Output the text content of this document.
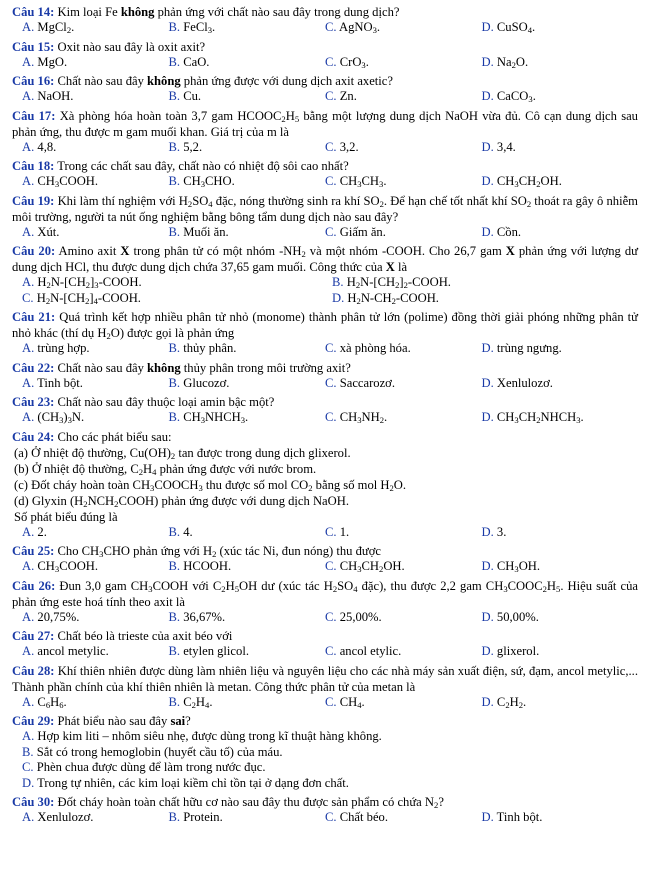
Câu 14: Kim loại Fe không phản ứng với chất nào sau đây trong dung dịch?
A. MgCl$_2$.	B. FeCl$_3$.	C. AgNO$_3$.	D. CuSO$_4$.
Câu 15: Oxit nào sau đây là oxit axit?
A. MgO.	B. CaO.	C. CrO$_3$.	D. $Na_2O$.
Câu 16: Chất nào sau đây không phản ứng được với dung dịch axit axetic?
A. NaOH.	B. Cu.	C. Zn.	D. CaCO$_3$.
Câu 17: Xà phòng hóa hoàn toàn 3,7 gam $HCOOC_2H_5$ bằng một lượng dung dịch NaOH vừa đủ. Cô cạn dung dịch sau phản ứng, thu được m gam muối khan. Giá trị của m là
A. 4,8.	B. 5,2.	C. 3,2.	D. 3,4.
Câu 18: Trong các chất sau đây, chất nào có nhiệt độ sôi cao nhất?
A. $CH_3COOH$.	B. $CH_3CHO$.	C. $CH_3CH_3$.	D. $CH_3CH_2OH$.
Câu 19: Khi làm thí nghiệm với $H_2SO_4$ đặc, nóng thường sinh ra khí $SO_2$. Để hạn chế tốt nhất khí $SO_2$ thoát ra gây ô nhiễm môi trường, người ta nút ống nghiệm bằng bông tẩm dung dịch nào sau đây?
A. Xút.	B. Muối ăn.	C. Giấm ăn.	D. Cồn.
Câu 20: Amino axit X trong phân tử có một nhóm $-NH_2$ và một nhóm -COOH. Cho 26,7 gam X phản ứng với lượng dư dung dịch HCl, thu được dung dịch chứa 37,65 gam muối. Công thức của X là
A. $H_2N-[CH_2]_3$-COOH.	B. $H_2N-[CH_2]_2$-COOH.
C. $H_2N-[CH_2]_4$-COOH.	D. $H_2N-CH_2$-COOH.
Câu 21: Quá trình kết hợp nhiều phân tử nhỏ (monome) thành phân tử lớn (polime) đồng thời giải phóng những phân tử nhỏ khác (thí dụ $H_2O$) được gọi là phản ứng
A. trùng hợp.	B. thủy phân.	C. xà phòng hóa.	D. trùng ngưng.
Câu 22: Chất nào sau đây không thủy phân trong môi trường axit?
A. Tinh bột.	B. Glucozơ.	C. Saccarozơ.	D. Xenlulozơ.
Câu 23: Chất nào sau đây thuộc loại amin bậc một?
A. $(CH_3)_3N$.	B. $CH_3NHCH_3$.	C. $CH_3NH_2$.	D. $CH_3CH_2NHCH_3$.
Câu 24: Cho các phát biểu sau:
(a) Ở nhiệt độ thường, $Cu(OH)_2$ tan được trong dung dịch glixerol.
(b) Ở nhiệt độ thường, $C_2H_4$ phản ứng được với nước brom.
(c) Đốt cháy hoàn toàn $CH_3COOCH_3$ thu được số mol $CO_2$ bằng số mol $H_2O$.
(d) Glyxin $(H_2NCH_2COOH)$ phản ứng được với dung dịch NaOH.
Số phát biểu đúng là
A. 2.	B. 4.	C. 1.	D. 3.
Câu 25: Cho $CH_3CHO$ phản ứng với $H_2$ (xúc tác Ni, đun nóng) thu được
A. $CH_3COOH$.	B. HCOOH.	C. $CH_3CH_2OH$.	D. $CH_3OH$.
Câu 26: Đun 3,0 gam $CH_3COOH$ với $C_2H_5OH$ dư (xúc tác $H_2SO_4$ đặc), thu được 2,2 gam $CH_3COOC_2H_5$. Hiệu suất của phản ứng este hoá tính theo axit là
A. 20,75%.	B. 36,67%.	C. 25,00%.	D. 50,00%.
Câu 27: Chất béo là trieste của axit béo với
A. ancol metylic.	B. etylen glicol.	C. ancol etylic.	D. glixerol.
Câu 28: Khí thiên nhiên được dùng làm nhiên liệu và nguyên liệu cho các nhà máy sản xuất điện, sứ, đạm, ancol metylic,... Thành phần chính của khí thiên nhiên là metan. Công thức phân tử của metan là
A. $C_6H_6$.	B. $C_2H_4$.	C. $CH_4$.	D. $C_2H_2$.
Câu 29: Phát biểu nào sau đây sai?
A. Hợp kim liti – nhôm siêu nhẹ, được dùng trong kĩ thuật hàng không.
B. Sắt có trong hemoglobin (huyết cầu tố) của máu.
C. Phèn chua được dùng để làm trong nước đục.
D. Trong tự nhiên, các kim loại kiềm chỉ tồn tại ở dạng đơn chất.
Câu 30: Đốt cháy hoàn toàn chất hữu cơ nào sau đây thu được sản phẩm có chứa $N_2$?
A. Xenlulozơ.	B. Protein.	C. Chất béo.	D. Tinh bột.
